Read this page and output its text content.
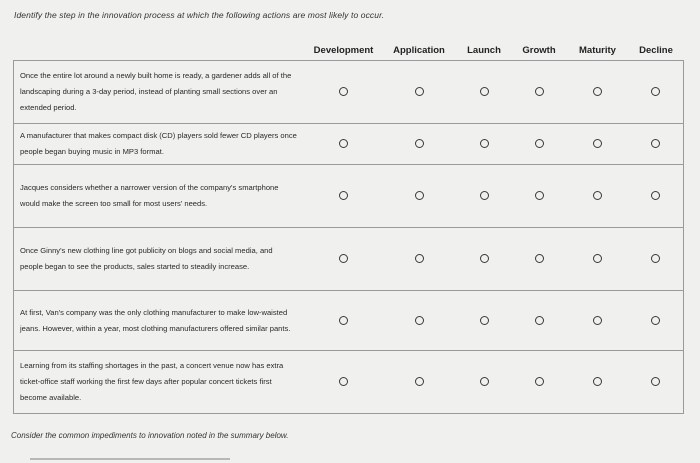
Identify the step in the innovation process at which the following actions are most likely to occur.
	Development	Application	Launch	Growth	Maturity	Decline
Once the entire lot around a newly built home is ready, a gardener adds all of the landscaping during a 3-day period, instead of planting small sections over an extended period.						
A manufacturer that makes compact disk (CD) players sold fewer CD players once people began buying music in MP3 format.						
Jacques considers whether a narrower version of the company's smartphone would make the screen too small for most users' needs.						
Once Ginny's new clothing line got publicity on blogs and social media, and people began to see the products, sales started to steadily increase.						
At first, Van's company was the only clothing manufacturer to make low-waisted jeans. However, within a year, most clothing manufacturers offered similar pants.						
Learning from its staffing shortages in the past, a concert venue now has extra ticket-office staff working the first few days after popular concert tickets first become available.						
Consider the common impediments to innovation noted in the summary below.
